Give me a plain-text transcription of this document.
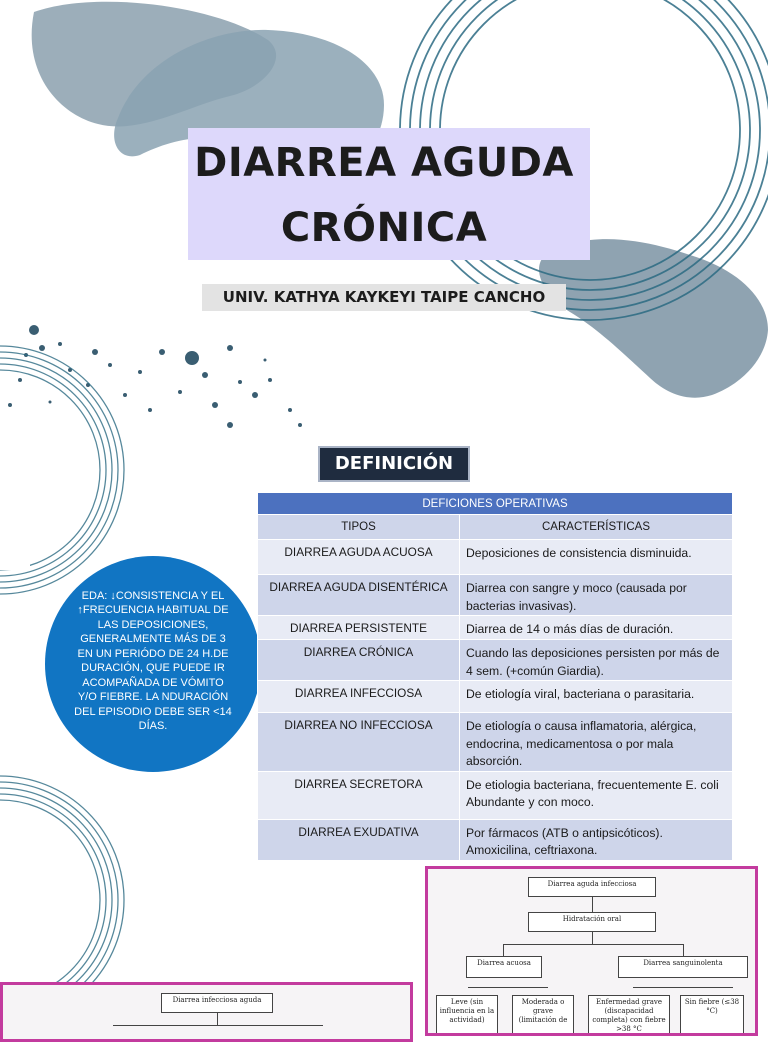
DIARREA AGUDA
CRÓNICA
UNIV. KATHYA KAYKEYI TAIPE CANCHO
DEFINICIÓN
EDA: ↓CONSISTENCIA Y EL ↑FRECUENCIA HABITUAL DE LAS DEPOSICIONES, GENERALMENTE MÁS DE 3 EN UN PERIÓDO DE 24 H.DE DURACIÓN, QUE PUEDE IR ACOMPAÑADA DE VÓMITO Y/O FIEBRE. LA NDURACIÓN DEL EPISODIO DEBE SER <14 DÍAS.
DEFICIONES OPERATIVAS	
TIPOS	CARACTERÍSTICAS
DIARREA AGUDA ACUOSA	Deposiciones de consistencia disminuida.
DIARREA AGUDA DISENTÉRICA	Diarrea con sangre y moco (causada por bacterias invasivas).
DIARREA PERSISTENTE	Diarrea de 14 o más días de duración.
DIARREA CRÓNICA	Cuando las deposiciones persisten por más de 4 sem. (+común Giardia).
DIARREA INFECCIOSA	De etiología viral, bacteriana o parasitaria.
DIARREA NO INFECCIOSA	De etiología o causa inflamatoria, alérgica, endocrina, medicamentosa o por mala absorción.
DIARREA SECRETORA	De etiologia bacteriana, frecuentemente E. coli Abundante y con moco.
DIARREA EXUDATIVA	Por fármacos (ATB o antipsicóticos). Amoxicilina, ceftriaxona.
Diarrea aguda infecciosa
Hidratación oral
Diarrea acuosa	Diarrea sanguinolenta
Leve (sin influencia en la actividad)
Moderada o grave (limitación de
Enfermedad grave (discapacidad completa) con fiebre >38 °C
Sin fiebre (≤38 °C)
Diarrea infecciosa aguda
